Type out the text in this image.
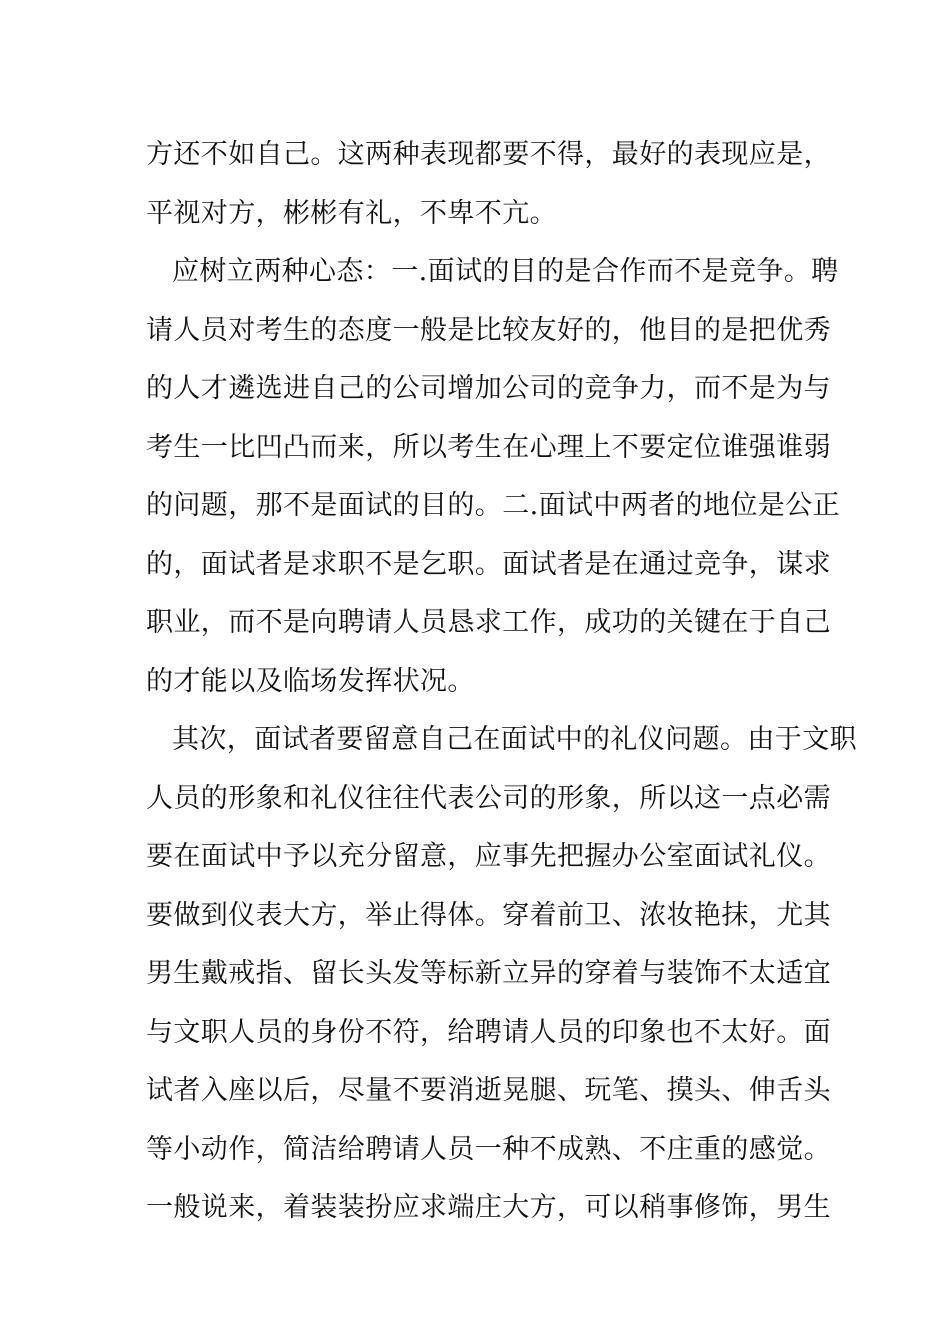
方还不如自己。这两种表现都要不得，最好的表现应是，
平视对方，彬彬有礼，不卑不亢。
应树立两种心态：一.面试的目的是合作而不是竞争。聘
请人员对考生的态度一般是比较友好的，他目的是把优秀
的人才遴选进自己的公司增加公司的竞争力，而不是为与
考生一比凹凸而来，所以考生在心理上不要定位谁强谁弱
的问题，那不是面试的目的。二.面试中两者的地位是公正
的，面试者是求职不是乞职。面试者是在通过竞争，谋求
职业，而不是向聘请人员恳求工作，成功的关键在于自己
的才能以及临场发挥状况。
其次，面试者要留意自己在面试中的礼仪问题。由于文职
人员的形象和礼仪往往代表公司的形象，所以这一点必需
要在面试中予以充分留意，应事先把握办公室面试礼仪。
要做到仪表大方，举止得体。穿着前卫、浓妆艳抹，尤其
男生戴戒指、留长头发等标新立异的穿着与装饰不太适宜
与文职人员的身份不符，给聘请人员的印象也不太好。面
试者入座以后，尽量不要消逝晃腿、玩笔、摸头、伸舌头
等小动作，简洁给聘请人员一种不成熟、不庄重的感觉。
一般说来，着装装扮应求端庄大方，可以稍事修饰，男生
